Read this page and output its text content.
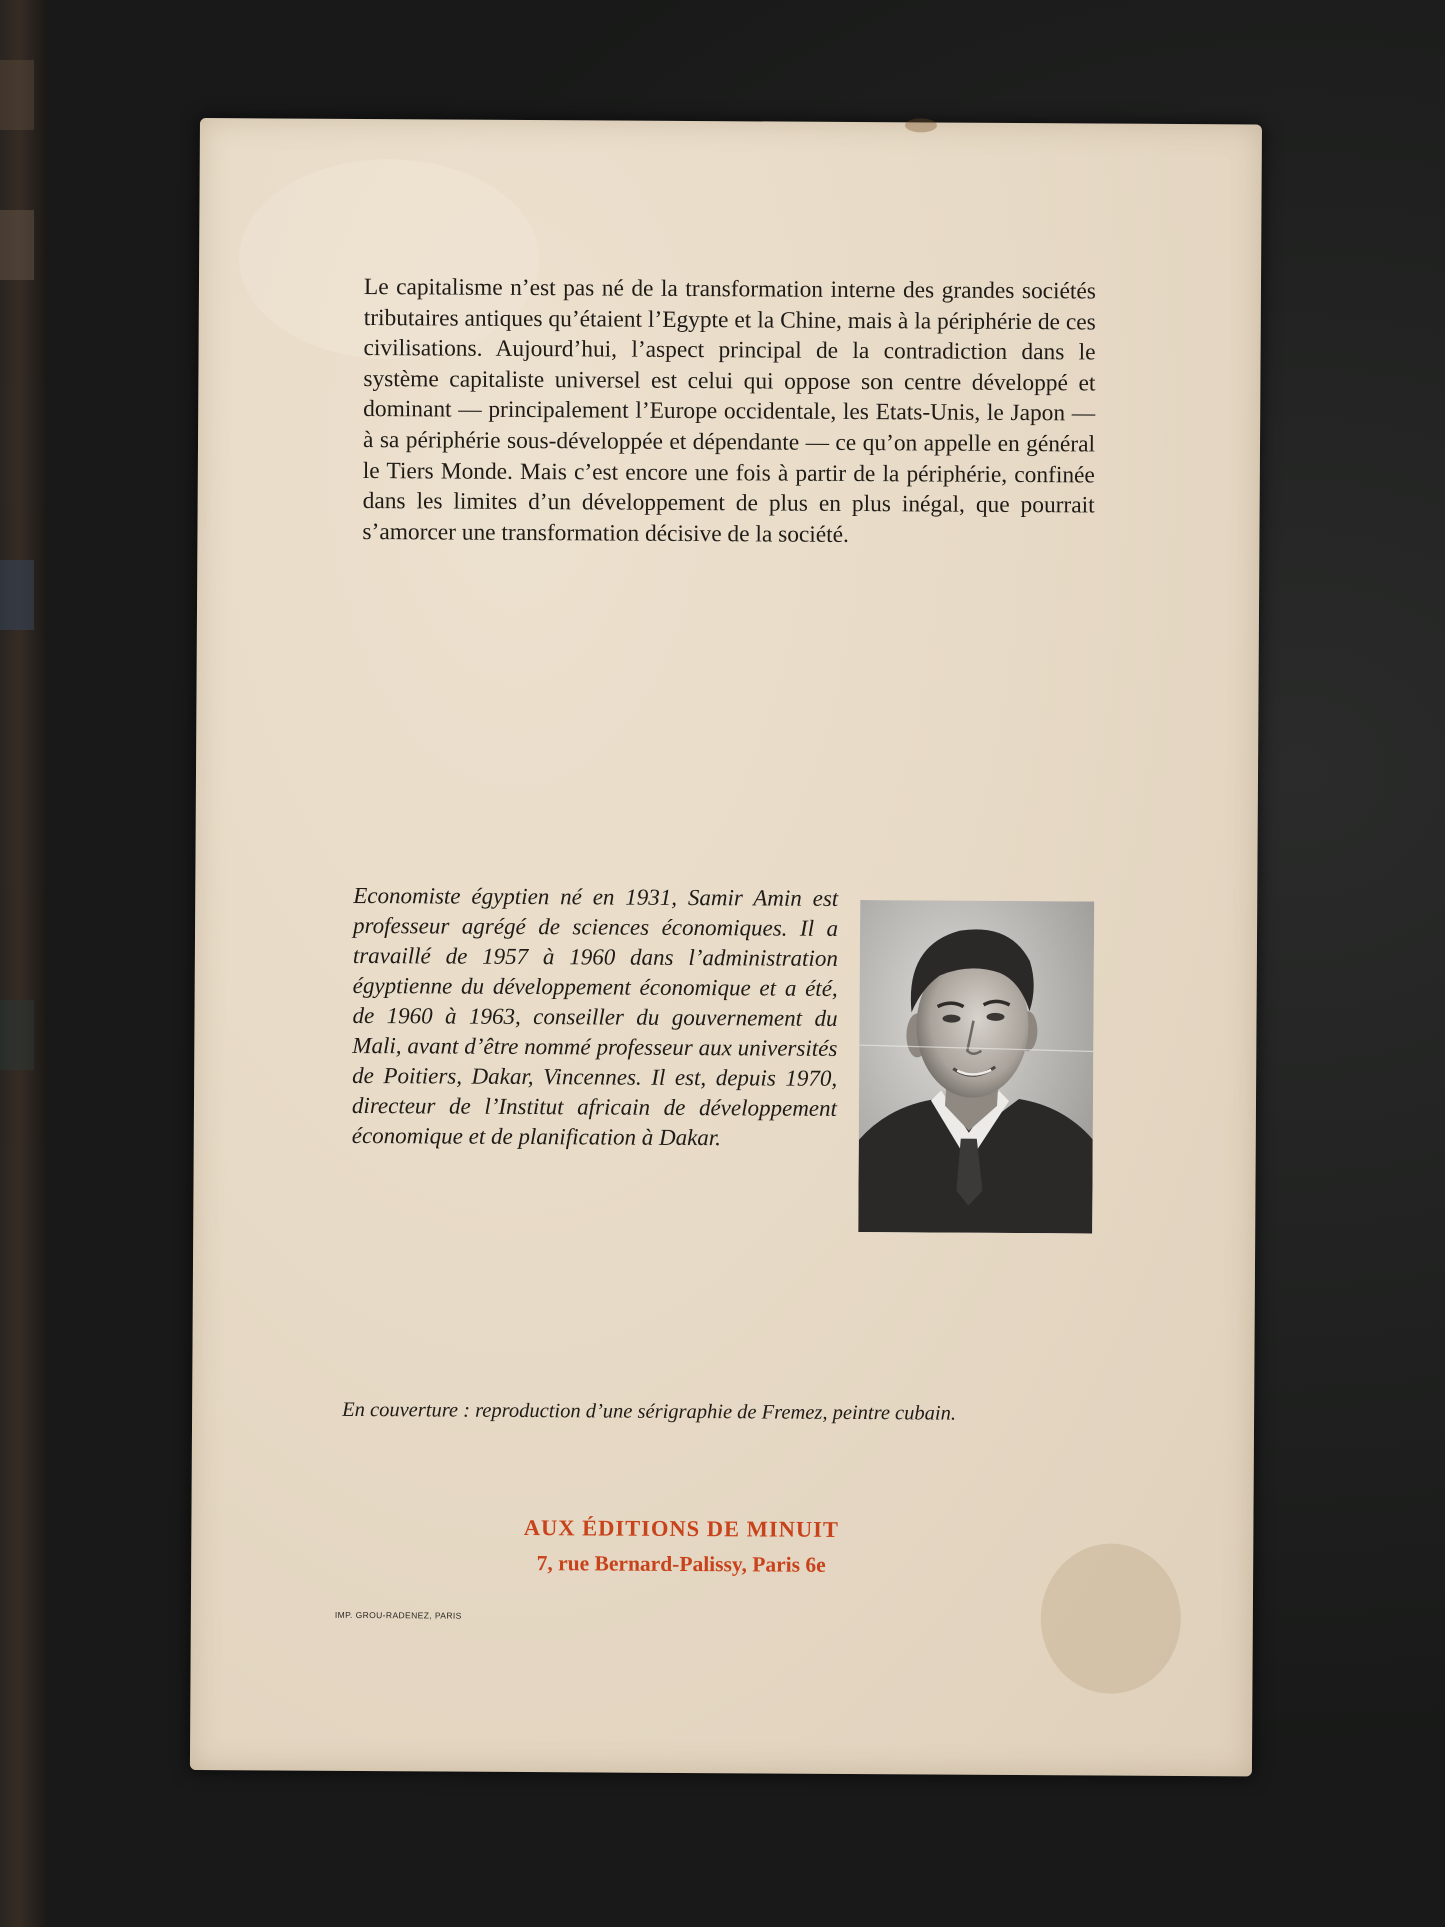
Le capitalisme n’est pas né de la transformation interne des grandes sociétés tributaires antiques qu’étaient l’Egypte et la Chine, mais à la périphérie de ces civilisations. Aujourd’hui, l’aspect principal de la contradiction dans le système capitaliste universel est celui qui oppose son centre développé et dominant — principalement l’Europe occidentale, les Etats-Unis, le Japon — à sa périphérie sous-développée et dépendante — ce qu’on appelle en général le Tiers Monde. Mais c’est encore une fois à partir de la périphérie, confinée dans les limites d’un développement de plus en plus inégal, que pourrait s’amorcer une transformation décisive de la société.

Economiste égyptien né en 1931, Samir Amin est professeur agrégé de sciences économiques. Il a travaillé de 1957 à 1960 dans l’administration égyptienne du développement économique et a été, de 1960 à 1963, conseiller du gouvernement du Mali, avant d’être nommé professeur aux universités de Poitiers, Dakar, Vincennes. Il est, depuis 1970, directeur de l’Institut africain de développement économique et de planification à Dakar.

En couverture : reproduction d’une sérigraphie de Fremez, peintre cubain.

AUX ÉDITIONS DE MINUIT
7, rue Bernard-Palissy, Paris 6e

IMP. GROU-RADENEZ, PARIS
